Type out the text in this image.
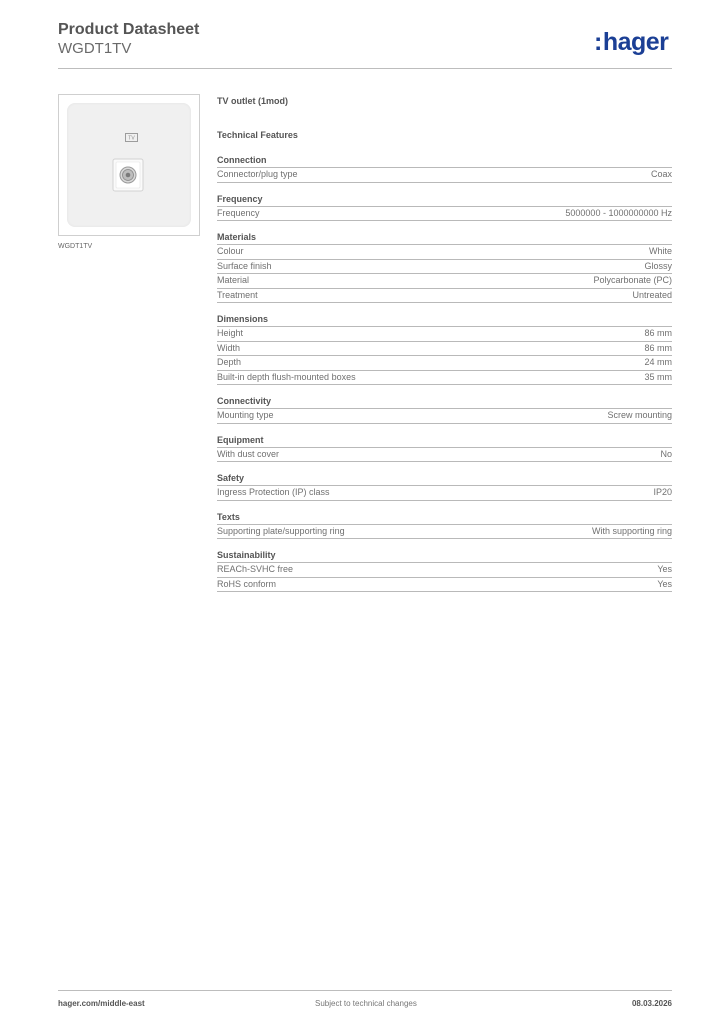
Product Datasheet
WGDT1TV	: hager
TV
WGDT1TV
TV outlet (1mod)
Technical Features
Connection
Connector/plug type	Coax
Frequency
Frequency	5000000 - 1000000000 Hz
Materials
Colour	White
Surface finish	Glossy
Material	Polycarbonate (PC)
Treatment	Untreated
Dimensions
Height	86 mm
Width	86 mm
Depth	24 mm
Built-in depth flush-mounted boxes	35 mm
Connectivity
Mounting type	Screw mounting
Equipment
With dust cover	No
Safety
Ingress Protection (IP) class	IP20
Texts
Supporting plate/supporting ring	With supporting ring
Sustainability
REACh-SVHC free	Yes
RoHS conform	Yes
hager.com/middle-east	Subject to technical changes	08.03.2026
